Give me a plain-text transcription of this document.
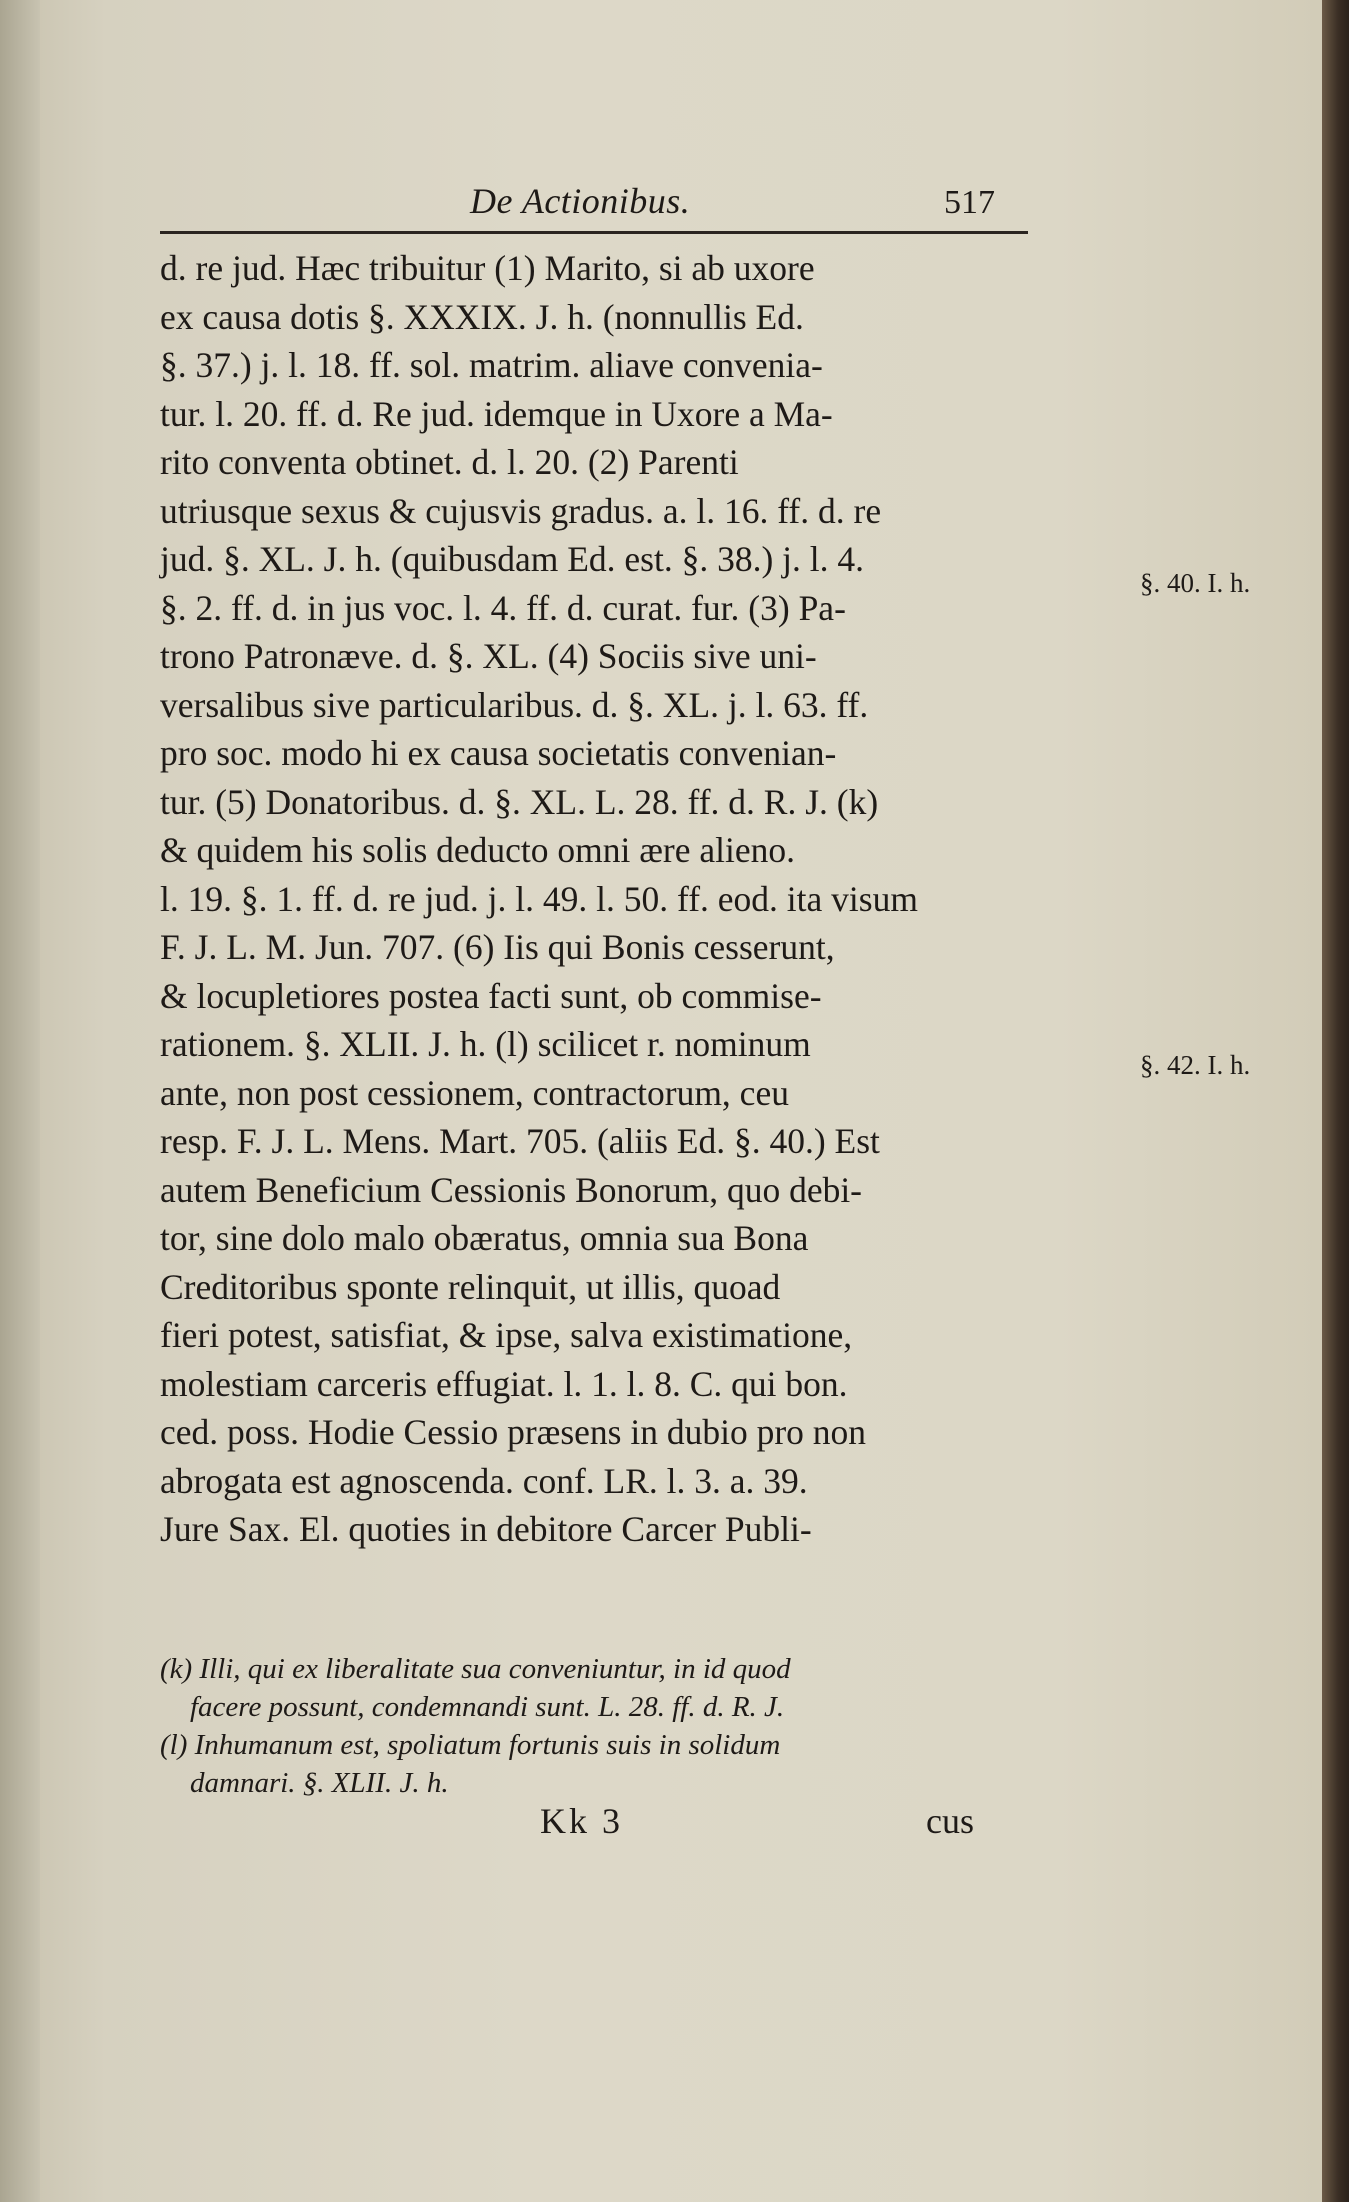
De Actionibus.	517
d. re jud. Hæc tribuitur (1) Marito, si ab uxore
ex causa dotis §. XXXIX. J. h. (nonnullis Ed.
§. 37.) j. l. 18. ff. sol. matrim. aliave convenia-
tur. l. 20. ff. d. Re jud. idemque in Uxore a Ma-
rito conventa obtinet. d. l. 20. (2) Parenti
utriusque sexus & cujusvis gradus. a. l. 16. ff. d. re
jud. §. XL. J. h. (quibusdam Ed. est. §. 38.) j. l. 4.
§. 2. ff. d. in jus voc. l. 4. ff. d. curat. fur. (3) Pa-
trono Patronæve. d. §. XL. (4) Sociis sive uni-
versalibus sive particularibus. d. §. XL. j. l. 63. ff.
pro soc. modo hi ex causa societatis convenian-
tur. (5) Donatoribus. d. §. XL. L. 28. ff. d. R. J. (k)
& quidem his solis deducto omni ære alieno.
l. 19. §. 1. ff. d. re jud. j. l. 49. l. 50. ff. eod. ita visum
F. J. L. M. Jun. 707. (6) Iis qui Bonis cesserunt,
& locupletiores postea facti sunt, ob commise-
rationem. §. XLII. J. h. (l) scilicet r. nominum
ante, non post cessionem, contractorum, ceu
resp. F. J. L. Mens. Mart. 705. (aliis Ed. §. 40.) Est
autem Beneficium Cessionis Bonorum, quo debi-
tor, sine dolo malo obæratus, omnia sua Bona
Creditoribus sponte relinquit, ut illis, quoad
fieri potest, satisfiat, & ipse, salva existimatione,
molestiam carceris effugiat. l. 1. l. 8. C. qui bon.
ced. poss. Hodie Cessio præsens in dubio pro non
abrogata est agnoscenda. conf. LR. l. 3. a. 39.
Jure Sax. El. quoties in debitore Carcer Publi-
§. 40. I. h.
§. 42. I. h.
(k) Illi, qui ex liberalitate sua conveniuntur, in id quod
facere possunt, condemnandi sunt. L. 28. ff. d. R. J.
(l) Inhumanum est, spoliatum fortunis suis in solidum
damnari. §. XLII. J. h.
Kk 3	cus
